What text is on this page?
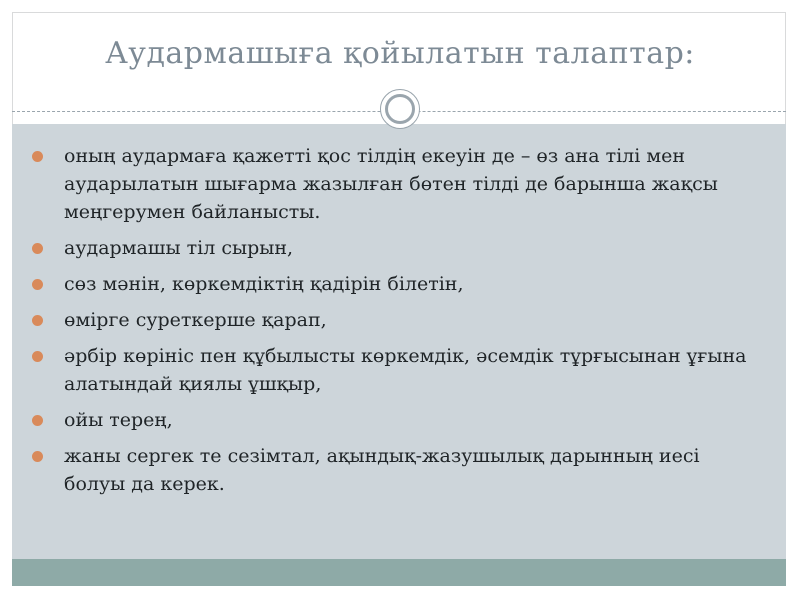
Аудармашыға қойылатын талаптар:
оның аудармаға қажетті қос тілдің екеуін де – өз ана тілі мен аударылатын шығарма жазылған бөтен тілді де барынша жақсы меңгерумен байланысты.
аудармашы тіл сырын,
сөз мәнін, көркемдіктің қадірін білетін,
өмірге суреткерше қарап,
әрбір көрініс пен құбылысты көркемдік, әсемдік тұрғысынан ұғына алатындай қиялы ұшқыр,
ойы терең,
жаны сергек те сезімтал, ақындық-жазушылық дарынның иесі болуы да керек.
